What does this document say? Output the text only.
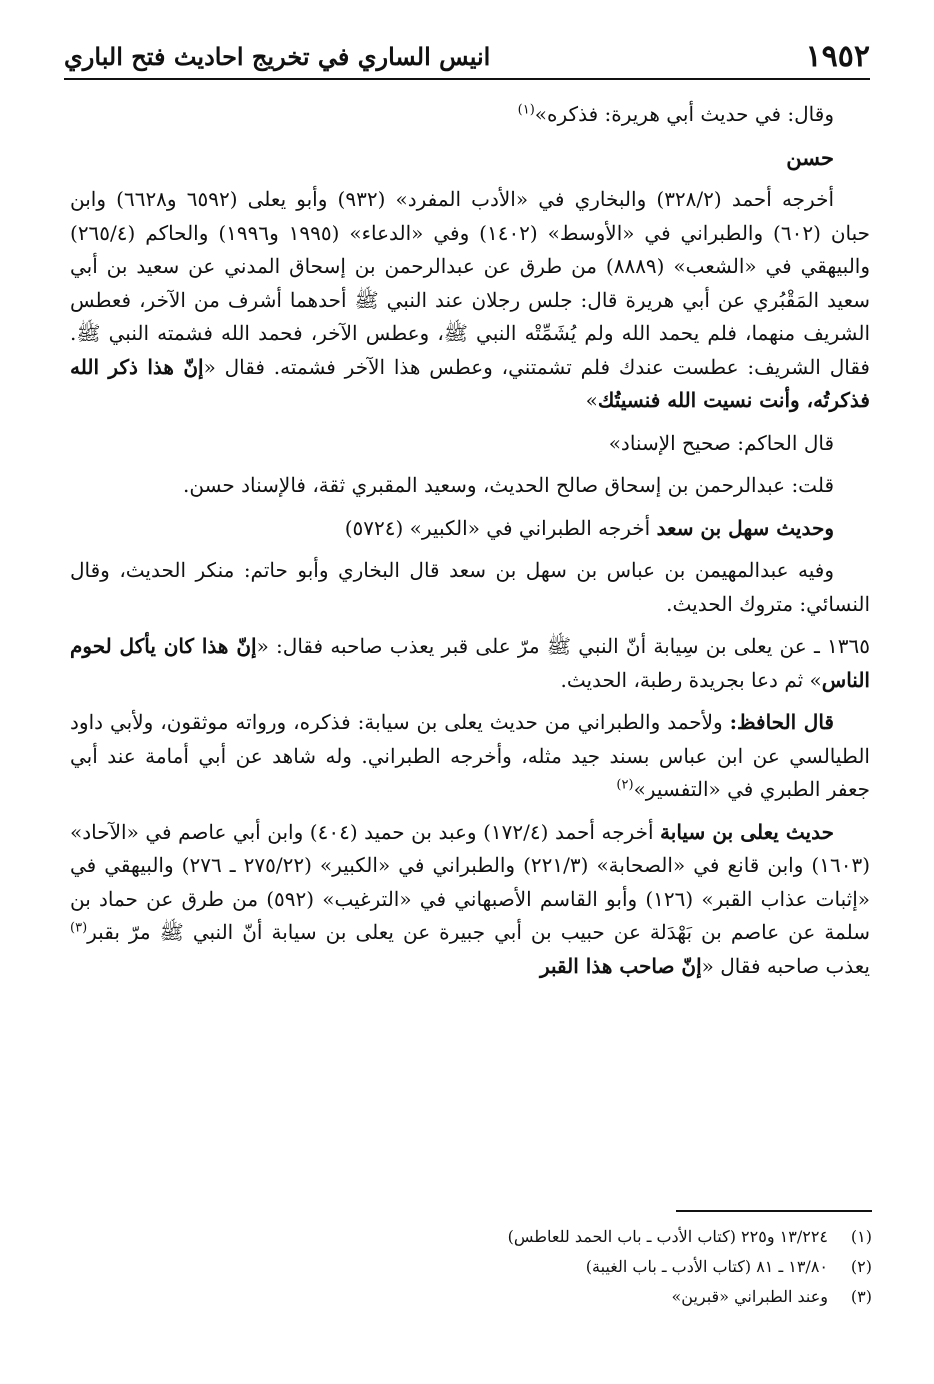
١٩٥٢
انيس الساري في تخريج احاديث فتح الباري

وقال: في حديث أبي هريرة: فذكره»$^{(١)}$

حسن

أخرجه أحمد (٣٢٨/٢) والبخاري في «الأدب المفرد» (٩٣٢) وأبو يعلى (٦٥٩٢ و٦٦٢٨) وابن حبان (٦٠٢) والطبراني في «الأوسط» (١٤٠٢) وفي «الدعاء» (١٩٩٥ و١٩٩٦) والحاكم (٢٦٥/٤) والبيهقي في «الشعب» (٨٨٨٩) من طرق عن عبدالرحمن بن إسحاق المدني عن سعيد بن أبي سعيد المَقْبُري عن أبي هريرة قال: جلس رجلان عند النبي ﷺ أحدهما أشرف من الآخر، فعطس الشريف منهما، فلم يحمد الله ولم يُشَمِّتْه النبي ﷺ، وعطس الآخر، فحمد الله فشمته النبي ﷺ. فقال الشريف: عطست عندك فلم تشمتني، وعطس هذا الآخر فشمته. فقال «إنّ هذا ذكر الله فذكرتُه، وأنت نسيت الله فنسيتُك»

قال الحاكم: صحيح الإسناد»

قلت: عبدالرحمن بن إسحاق صالح الحديث، وسعيد المقبري ثقة، فالإسناد حسن.

وحديث سهل بن سعد أخرجه الطبراني في «الكبير» (٥٧٢٤)

وفيه عبدالمهيمن بن عباس بن سهل بن سعد قال البخاري وأبو حاتم: منكر الحديث، وقال النسائي: متروك الحديث.

١٣٦٥ ـ عن يعلى بن سِيابة أنّ النبي ﷺ مرّ على قبر يعذب صاحبه فقال: «إنّ هذا كان يأكل لحوم الناس» ثم دعا بجريدة رطبة، الحديث.

قال الحافظ: ولأحمد والطبراني من حديث يعلى بن سيابة: فذكره، ورواته موثقون، ولأبي داود الطيالسي عن ابن عباس بسند جيد مثله، وأخرجه الطبراني. وله شاهد عن أبي أمامة عند أبي جعفر الطبري في «التفسير»$^{(٢)}$

حديث يعلى بن سيابة أخرجه أحمد (١٧٢/٤) وعبد بن حميد (٤٠٤) وابن أبي عاصم في «الآحاد» (١٦٠٣) وابن قانع في «الصحابة» (٢٢١/٣) والطبراني في «الكبير» (٢٧٥/٢٢ ـ ٢٧٦) والبيهقي في «إثبات عذاب القبر» (١٢٦) وأبو القاسم الأصبهاني في «الترغيب» (٥٩٢) من طرق عن حماد بن سلمة عن عاصم بن بَهْدَلة عن حبيب بن أبي جبيرة عن يعلى بن سيابة أنّ النبي ﷺ مرّ بقبر$^{(٣)}$ يعذب صاحبه فقال «إنّ صاحب هذا القبر

(١)
١٣/٢٢٤ و٢٢٥ (كتاب الأدب ـ باب الحمد للعاطس)
(٢)
١٣/٨٠ ـ ٨١ (كتاب الأدب ـ باب الغيبة)
(٣)
وعند الطبراني «قبرين»
